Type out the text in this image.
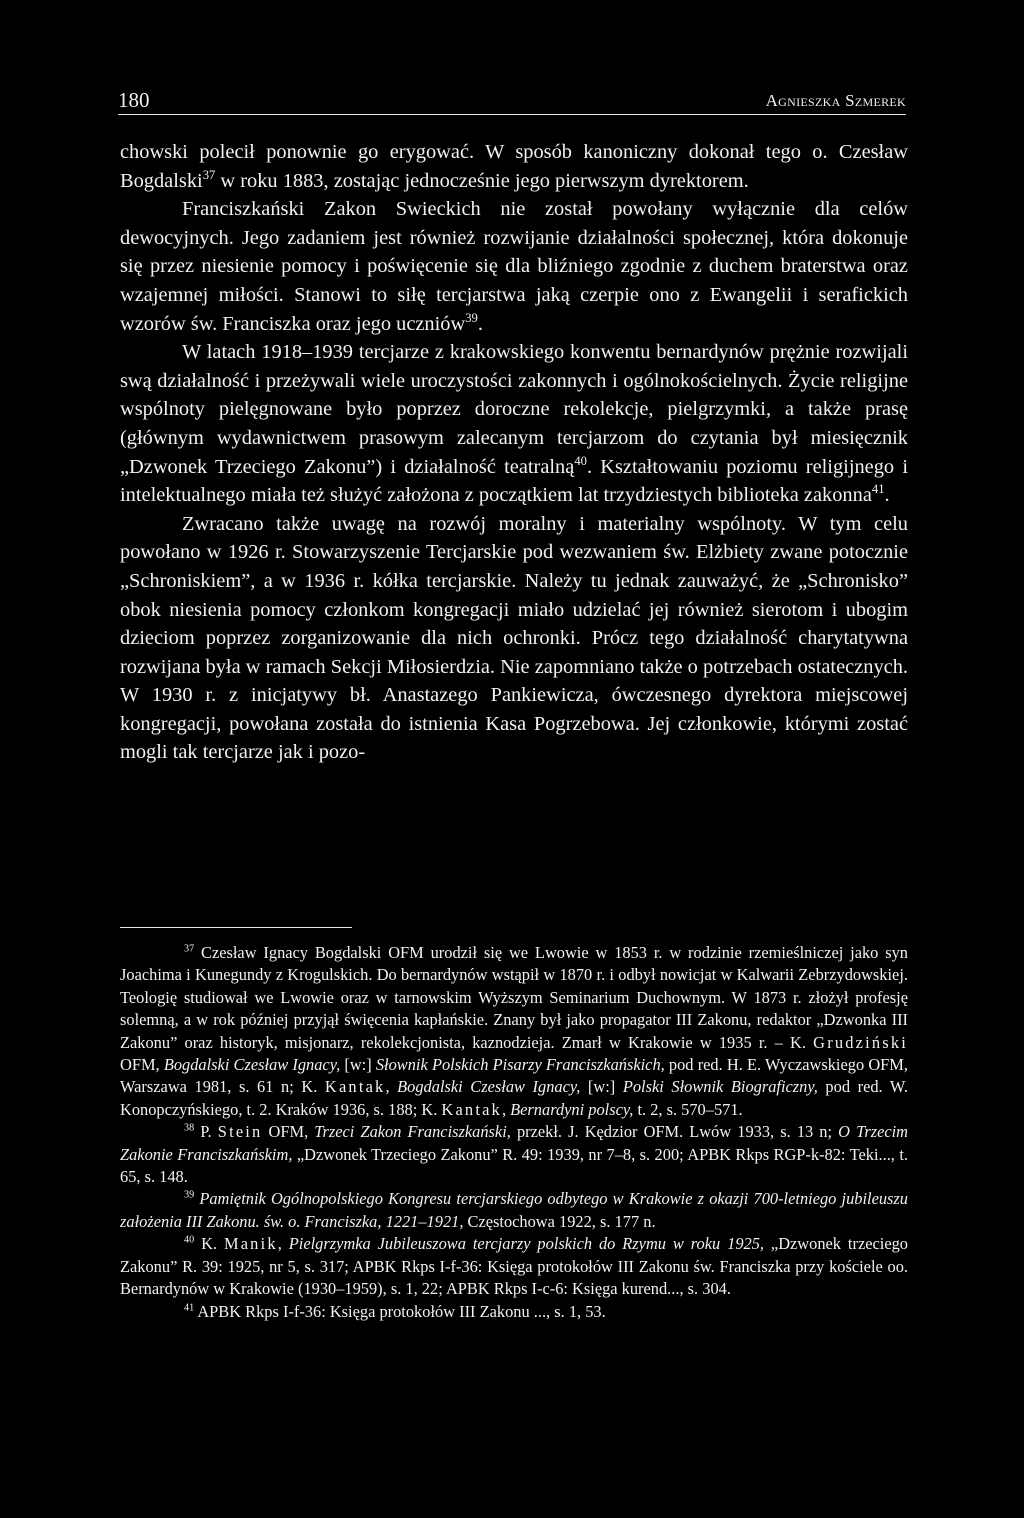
180	Agnieszka Szmerek

chowski polecił ponownie go erygować. W sposób kanoniczny dokonał tego o. Czesław Bogdalski$^{37}$ w roku 1883, zostając jednocześnie jego pierwszym dyrektorem.

Franciszkański Zakon Swieckich nie został powołany wyłącznie dla celów dewocyjnych. Jego zadaniem jest również rozwijanie działalności społecznej, która dokonuje się przez niesienie pomocy i poświęcenie się dla bliźniego zgodnie z duchem braterstwa oraz wzajemnej miłości. Stanowi to siłę tercjarstwa jaką czerpie ono z Ewangelii i serafickich wzorów św. Franciszka oraz jego uczniów$^{39}$.

W latach 1918–1939 tercjarze z krakowskiego konwentu bernardynów prężnie rozwijali swą działalność i przeżywali wiele uroczystości zakonnych i ogólnokościelnych. Życie religijne wspólnoty pielęgnowane było poprzez doroczne rekolekcje, pielgrzymki, a także prasę (głównym wydawnictwem prasowym zalecanym tercjarzom do czytania był miesięcznik „Dzwonek Trzeciego Zakonu”) i działalność teatralną$^{40}$. Kształtowaniu poziomu religijnego i intelektualnego miała też służyć założona z początkiem lat trzydziestych biblioteka zakonna$^{41}$.

Zwracano także uwagę na rozwój moralny i materialny wspólnoty. W tym celu powołano w 1926 r. Stowarzyszenie Tercjarskie pod wezwaniem św. Elżbiety zwane potocznie „Schroniskiem”, a w 1936 r. kółka tercjarskie. Należy tu jednak zauważyć, że „Schronisko” obok niesienia pomocy członkom kongregacji miało udzielać jej również sierotom i ubogim dzieciom poprzez zorganizowanie dla nich ochronki. Prócz tego działalność charytatywna rozwijana była w ramach Sekcji Miłosierdzia. Nie zapomniano także o potrzebach ostatecznych. W 1930 r. z inicjatywy bł. Anastazego Pankiewicza, ówczesnego dyrektora miejscowej kongregacji, powołana została do istnienia Kasa Pogrzebowa. Jej członkowie, którymi zostać mogli tak tercjarze jak i pozo-

$^{37}$ Czesław Ignacy Bogdalski OFM urodził się we Lwowie w 1853 r. w rodzinie rzemieślniczej jako syn Joachima i Kunegundy z Krogulskich. Do bernardynów wstąpił w 1870 r. i odbył nowicjat w Kalwarii Zebrzydowskiej. Teologię studiował we Lwowie oraz w tarnowskim Wyższym Seminarium Duchownym. W 1873 r. złożył profesję solemną, a w rok później przyjął święcenia kapłańskie. Znany był jako propagator III Zakonu, redaktor „Dzwonka III Zakonu” oraz historyk, misjonarz, rekolekcjonista, kaznodzieja. Zmarł w Krakowie w 1935 r. – K. Grudziński OFM, Bogdalski Czesław Ignacy, [w:] Słownik Polskich Pisarzy Franciszkańskich, pod red. H. E. Wyczawskiego OFM, Warszawa 1981, s. 61 n; K. Kantak, Bogdalski Czesław Ignacy, [w:] Polski Słownik Biograficzny, pod red. W. Konopczyńskiego, t. 2. Kraków 1936, s. 188; K. Kantak, Bernardyni polscy, t. 2, s. 570–571.

$^{38}$ P. Stein OFM, Trzeci Zakon Franciszkański, przekł. J. Kędzior OFM. Lwów 1933, s. 13 n; O Trzecim Zakonie Franciszkańskim, „Dzwonek Trzeciego Zakonu” R. 49: 1939, nr 7–8, s. 200; APBK Rkps RGP-k-82: Teki..., t. 65, s. 148.

$^{39}$ Pamiętnik Ogólnopolskiego Kongresu tercjarskiego odbytego w Krakowie z okazji 700-letniego jubileuszu założenia III Zakonu. św. o. Franciszka, 1221–1921, Częstochowa 1922, s. 177 n.

$^{40}$ K. Manik, Pielgrzymka Jubileuszowa tercjarzy polskich do Rzymu w roku 1925, „Dzwonek trzeciego Zakonu” R. 39: 1925, nr 5, s. 317; APBK Rkps I-f-36: Księga protokołów III Zakonu św. Franciszka przy kościele oo. Bernardynów w Krakowie (1930–1959), s. 1, 22; APBK Rkps I-c-6: Księga kurend..., s. 304.

$^{41}$ APBK Rkps I-f-36: Księga protokołów III Zakonu ..., s. 1, 53.
